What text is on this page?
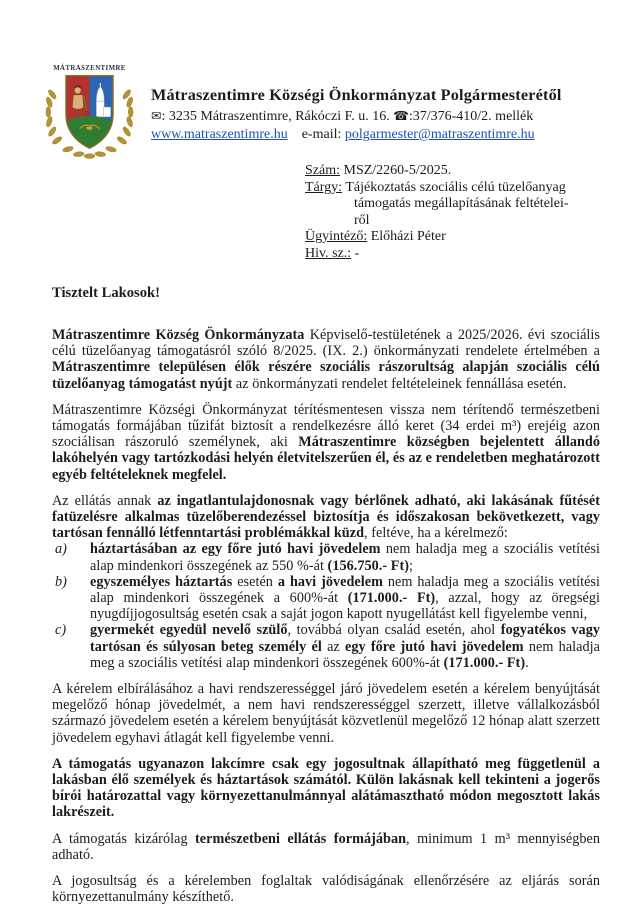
MÁTRASZENTIMRE
Mátraszentimre Községi Önkormányzat Polgármesterétől
✉: 3235 Mátraszentimre, Rákóczi F. u. 16. ☎:37/376-410/2. mellék
www.matraszentimre.hu e-mail: polgarmester@matraszentimre.hu
Szám: MSZ/2260-5/2025.
Tárgy: Tájékoztatás szociális célú tüzelőanyag
támogatás megállapításának feltételei-
ről
Ügyintéző: Előházi Péter
Hiv. sz.: -
Tisztelt Lakosok!
Mátraszentimre Község Önkormányzata Képviselő-testületének a 2025/2026. évi szociális célú tüzelőanyag támogatásról szóló 8/2025. (IX. 2.) önkormányzati rendelete értelmében a Mátraszentimre településen élők részére szociális rászorultság alapján szociális célú tüzelőanyag támogatást nyújt az önkormányzati rendelet feltételeinek fennállása esetén.
Mátraszentimre Községi Önkormányzat térítésmentesen vissza nem térítendő természetbeni támogatás formájában tűzifát biztosít a rendelkezésre álló keret (34 erdei m³) erejéig azon szociálisan rászoruló személynek, aki Mátraszentimre községben bejelentett állandó lakóhelyén vagy tartózkodási helyén életvitelszerűen él, és az e rendeletben meghatározott egyéb feltételeknek megfelel.
Az ellátás annak az ingatlantulajdonosnak vagy bérlőnek adható, aki lakásának fűtését fatüzelésre alkalmas tüzelőberendezéssel biztosítja és időszakosan bekövetkezett, vagy tartósan fennálló létfenntartási problémákkal küzd, feltéve, ha a kérelmező:
a) háztartásában az egy főre jutó havi jövedelem nem haladja meg a szociális vetítési alap mindenkori összegének az 550 %-át (156.750.- Ft);
b) egyszemélyes háztartás esetén a havi jövedelem nem haladja meg a szociális vetítési alap mindenkori összegének a 600%-át (171.000.- Ft), azzal, hogy az öregségi nyugdíjjogosultság esetén csak a saját jogon kapott nyugellátást kell figyelembe venni,
c) gyermekét egyedül nevelő szülő, továbbá olyan család esetén, ahol fogyatékos vagy tartósan és súlyosan beteg személy él az egy főre jutó havi jövedelem nem haladja meg a szociális vetítési alap mindenkori összegének 600%-át (171.000.- Ft).
A kérelem elbírálásához a havi rendszerességgel járó jövedelem esetén a kérelem benyújtását megelőző hónap jövedelmét, a nem havi rendszerességgel szerzett, illetve vállalkozásból származó jövedelem esetén a kérelem benyújtását közvetlenül megelőző 12 hónap alatt szerzett jövedelem egyhavi átlagát kell figyelembe venni.
A támogatás ugyanazon lakcímre csak egy jogosultnak állapítható meg függetlenül a lakásban élő személyek és háztartások számától. Külön lakásnak kell tekinteni a jogerős bírói határozattal vagy környezettanulmánnyal alátámasztható módon megosztott lakás lakrészeit.
A támogatás kizárólag természetbeni ellátás formájában, minimum 1 m³ mennyiségben adható.
A jogosultság és a kérelemben foglaltak valódiságának ellenőrzésére az eljárás során környezettanulmány készíthető.
